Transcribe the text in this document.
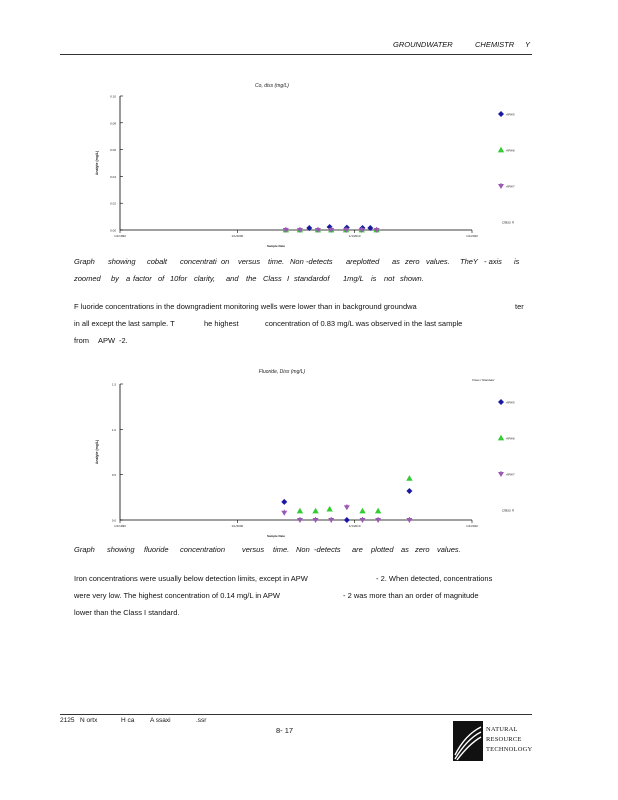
GROUNDWATER	CHEMISTR Y
Co, diss (mg/L)
0.10
0.08
0.06
0.04
0.02
0.00
Analyte (mg/L)
1/1/1990	1/1/2000	1/1/2010	1/1/2020
Sample Date
APW5
APW6
APW7
Class II
Graph showing cobalt concentrati on versus time. Non -detects areplotted as zero values. TheY - axis is
zoomed by a factor of 10for clarity, and the Class I standardof 1mg/L is not shown.
F luoride concentrations in the downgradient monitoring wells were lower than in background groundwa	ter
in all except the last sample. T	he highest	concentration of 0.83 mg/L was observed in the last sample
from APW -2.
Fluoride, Diss (mg/L)
1.5
1.0
0.5
0.0
Analyte (mg/L)
1/1/1990	1/1/2000	1/1/2010	1/1/2020
Sample Date
APW5
APW6
APW7
Class II
Class I Standard
Graph showing fluoride concentration versus time. Non -detects are plotted as zero values.
Iron concentrations were usually below detection limits, except in APW	- 2. When detected, concentrations
were very low. The highest concentration of 0.14 mg/L in APW	- 2 was more than an order of magnitude
lower than the Class I standard.
2125 N ortx	H ca A ssaxi	.ssr
8- 17	NATURAL
RESOURCE
TECHNOLOGY
